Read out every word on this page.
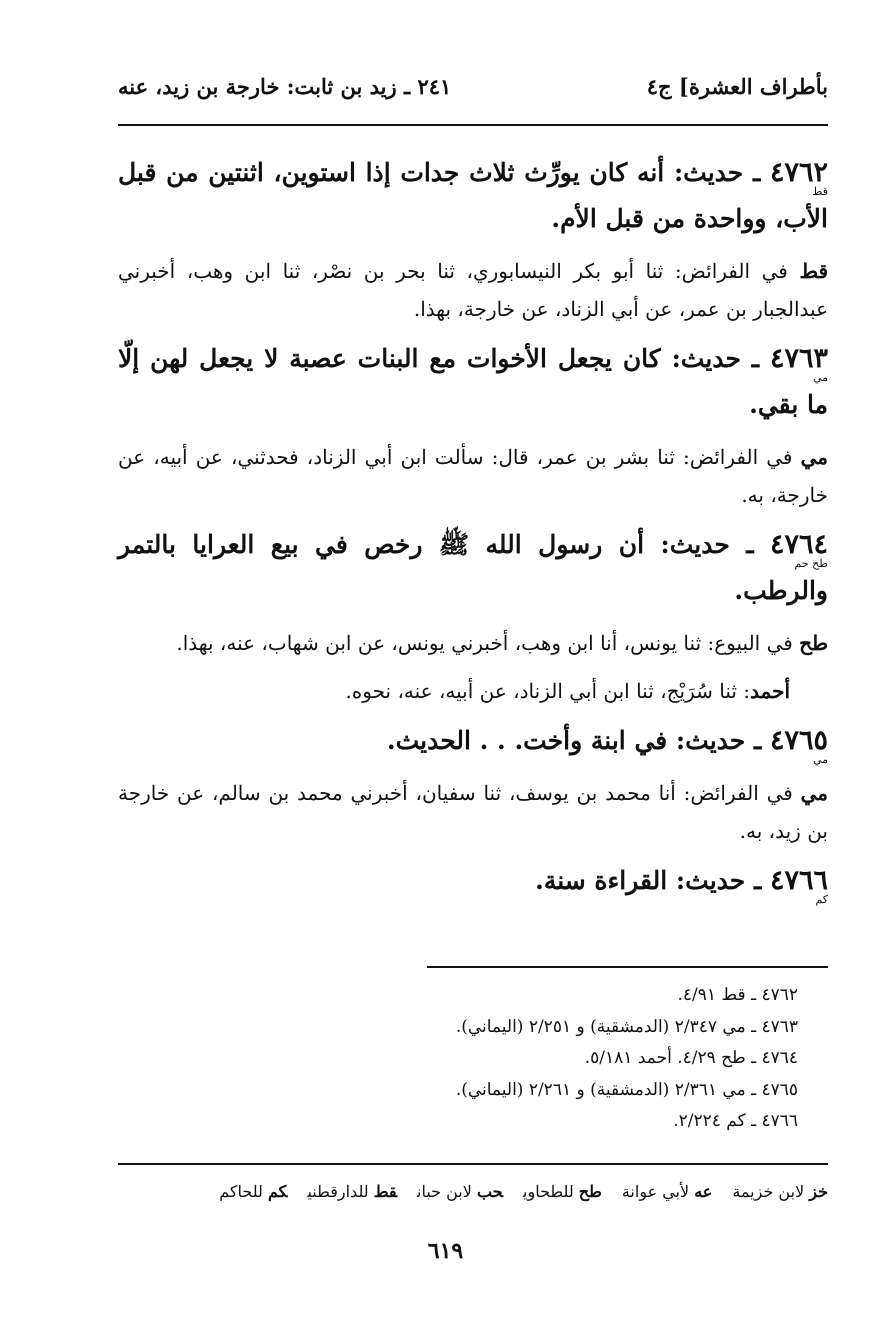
بأطراف العشرة] ج٤
٢٤١ ـ زيد بن ثابت: خارجة بن زيد، عنه

٤٧٦٢ ـ حديث: أنه كان يورِّث ثلاث جدات إذا استوين، اثنتين من قبل الأب، وواحدة من قبل الأم.

قط

قط في الفرائض: ثنا أبو بكر النيسابوري، ثنا بحر بن نصْر، ثنا ابن وهب، أخبرني عبدالجبار بن عمر، عن أبي الزناد، عن خارجة، بهذا.

٤٧٦٣ ـ حديث: كان يجعل الأخوات مع البنات عصبة لا يجعل لهن إلّا ما بقي.

مي

مي في الفرائض: ثنا بشر بن عمر، قال: سألت ابن أبي الزناد، فحدثني، عن أبيه، عن خارجة، به.

٤٧٦٤ ـ حديث: أن رسول الله ﷺ رخص في بيع العرايا بالتمر والرطب.

طح حم

طح في البيوع: ثنا يونس، أنا ابن وهب، أخبرني يونس، عن ابن شهاب، عنه، بهذا.

أحمد: ثنا سُرَيْج، ثنا ابن أبي الزناد، عن أبيه، عنه، نحوه.

٤٧٦٥ ـ حديث: في ابنة وأخت. . . الحديث.

مي

مي في الفرائض: أنا محمد بن يوسف، ثنا سفيان، أخبرني محمد بن سالم، عن خارجة بن زيد، به.

٤٧٦٦ ـ حديث: القراءة سنة.

كم
٤٧٦٢ ـ قط ٤/٩١.
٤٧٦٣ ـ مي ٢/٣٤٧ (الدمشقية) و ٢/٢٥١ (اليماني).
٤٧٦٤ ـ طح ٤/٢٩. أحمد ٥/١٨١.
٤٧٦٥ ـ مي ٢/٣٦١ (الدمشقية) و ٢/٢٦١ (اليماني).
٤٧٦٦ ـ كم ٢/٢٢٤.
خز لابن خزيمةعه لأبي عوانةطح للطحاويحب لابن حبانقط للدارقطنيكم للحاكم
٦١٩
